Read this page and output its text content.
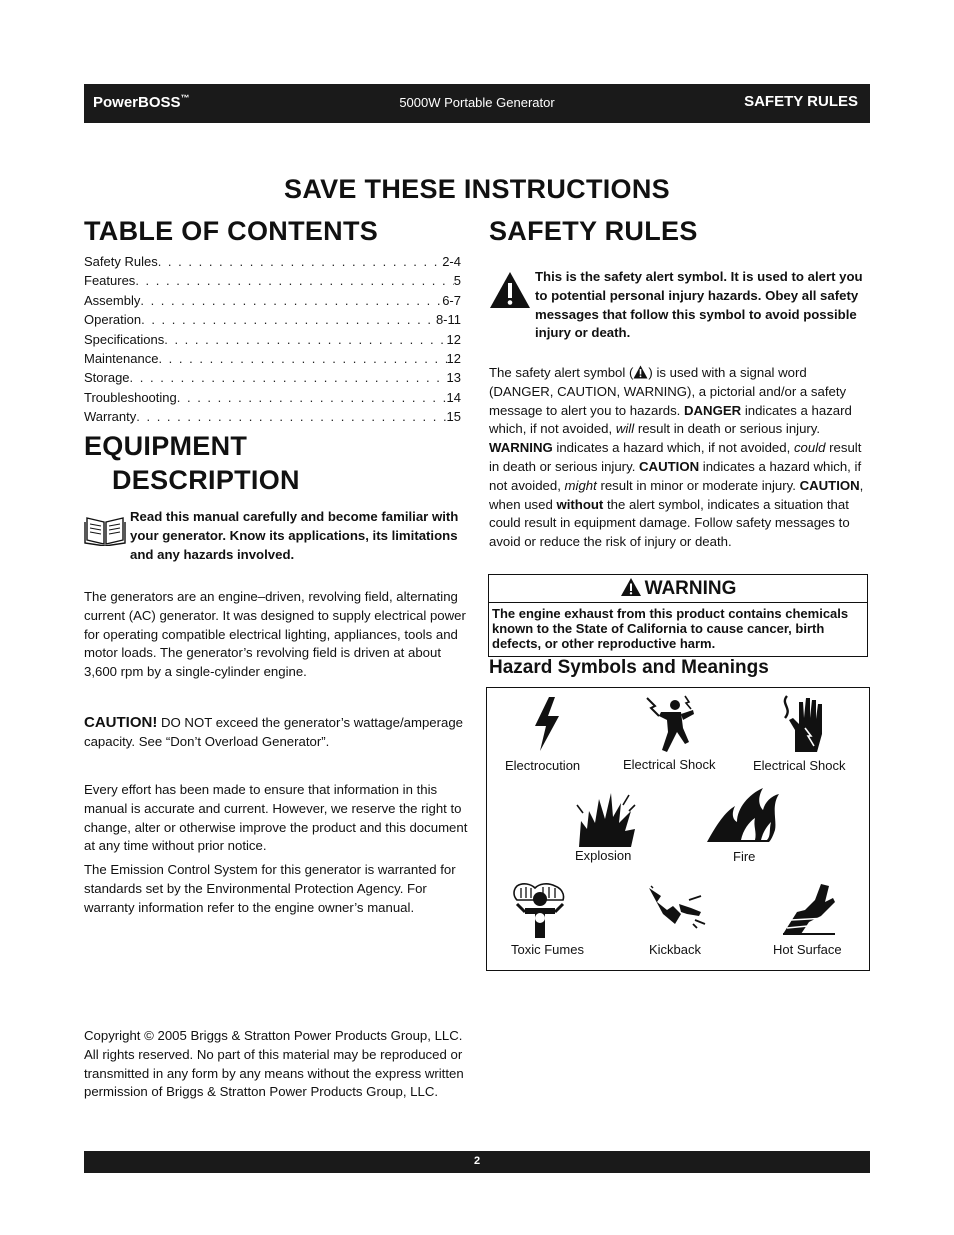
PowerBOSS™	5000W Portable Generator	SAFETY RULES
SAVE THESE INSTRUCTIONS
TABLE OF CONTENTS
Safety Rules . . .	2-4
Features . . .	5
Assembly . . .	6-7
Operation . . .	8-11
Specifications . . .	12
Maintenance . . .	12
Storage . . .	13
Troubleshooting . . .	14
Warranty . . .	15
EQUIPMENT
DESCRIPTION
Read this manual carefully and become familiar with your generator. Know its applications, its limitations and any hazards involved.

The generators are an engine–driven, revolving field, alternating current (AC) generator. It was designed to supply electrical power for operating compatible electrical lighting, appliances, tools and motor loads. The generator’s revolving field is driven at about 3,600 rpm by a single-cylinder engine.

CAUTION! DO NOT exceed the generator’s wattage/amperage capacity. See “Don’t Overload Generator”.

Every effort has been made to ensure that information in this manual is accurate and current. However, we reserve the right to change, alter or otherwise improve the product and this document at any time without prior notice.

The Emission Control System for this generator is warranted for standards set by the Environmental Protection Agency. For warranty information refer to the engine owner’s manual.

Copyright © 2005 Briggs & Stratton Power Products Group, LLC. All rights reserved. No part of this material may be reproduced or transmitted in any form by any means without the express written permission of Briggs & Stratton Power Products Group, LLC.

SAFETY RULES
This is the safety alert symbol. It is used to alert you to potential personal injury hazards. Obey all safety messages that follow this symbol to avoid possible injury or death.

The safety alert symbol ( ) is used with a signal word (DANGER, CAUTION, WARNING), a pictorial and/or a safety message to alert you to hazards. DANGER indicates a hazard which, if not avoided, will result in death or serious injury. WARNING indicates a hazard which, if not avoided, could result in death or serious injury. CAUTION indicates a hazard which, if not avoided, might result in minor or moderate injury. CAUTION, when used without the alert symbol, indicates a situation that could result in equipment damage. Follow safety messages to avoid or reduce the risk of injury or death.

WARNING
The engine exhaust from this product contains chemicals known to the State of California to cause cancer, birth defects, or other reproductive harm.
Hazard Symbols and Meanings
Electrocution	Electrical Shock	Electrical Shock
Explosion	Fire
Toxic Fumes	Kickback	Hot Surface
2
